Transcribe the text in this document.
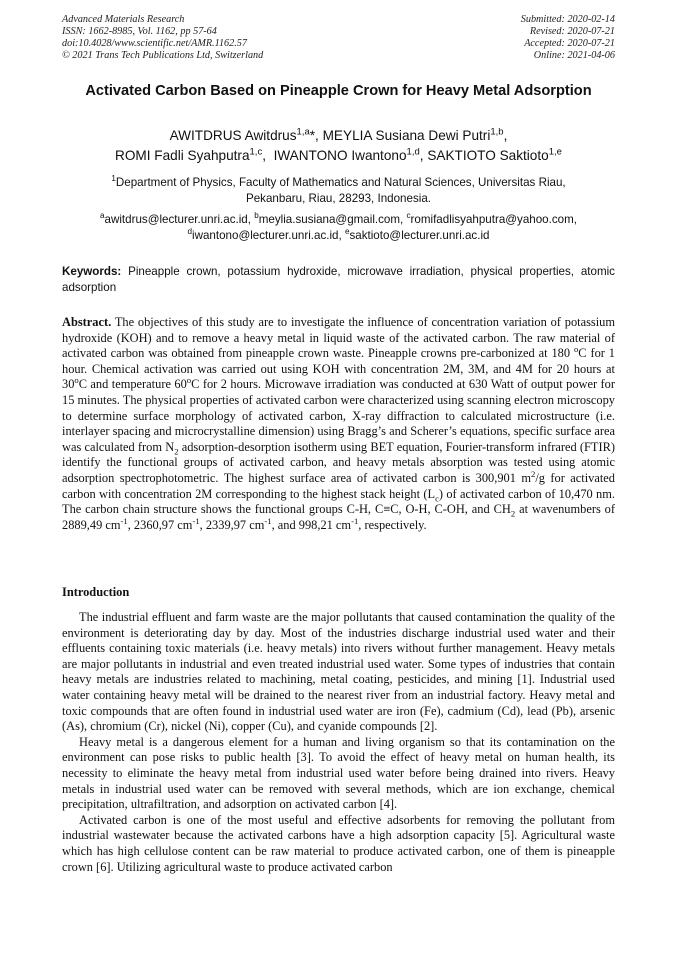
Advanced Materials Research
ISSN: 1662-8985, Vol. 1162, pp 57-64
doi:10.4028/www.scientific.net/AMR.1162.57
© 2021 Trans Tech Publications Ltd, Switzerland
Submitted: 2020-02-14
Revised: 2020-07-21
Accepted: 2020-07-21
Online: 2021-04-06
Activated Carbon Based on Pineapple Crown for Heavy Metal Adsorption
AWITDRUS Awitdrus$^{1,a}$*, MEYLIA Susiana Dewi Putri$^{1,b}$,
ROMI Fadli Syahputra$^{1,c}$,  IWANTONO Iwantono$^{1,d}$, SAKTIOTO Saktioto$^{1,e}$
$^1$Department of Physics, Faculty of Mathematics and Natural Sciences, Universitas Riau,
Pekanbaru, Riau, 28293, Indonesia.
$^a$awitdrus@lecturer.unri.ac.id, $^b$meylia.susiana@gmail.com, $^c$romifadlisyahputra@yahoo.com,
$^d$iwantono@lecturer.unri.ac.id, $^e$saktioto@lecturer.unri.ac.id
Keywords: Pineapple crown, potassium hydroxide, microwave irradiation, physical properties, atomic adsorption
Abstract. The objectives of this study are to investigate the influence of concentration variation of potassium hydroxide (KOH) and to remove a heavy metal in liquid waste of the activated carbon. The raw material of activated carbon was obtained from pineapple crown waste. Pineapple crowns pre-carbonized at 180 $^o$C for 1 hour. Chemical activation was carried out using KOH with concentration 2M, 3M, and 4M for 20 hours at 30$^o$C and temperature 60$^o$C for 2 hours. Microwave irradiation was conducted at 630 Watt of output power for 15 minutes. The physical properties of activated carbon were characterized using scanning electron microscopy to determine surface morphology of activated carbon, X-ray diffraction to calculated microstructure (i.e. interlayer spacing and microcrystalline dimension) using Bragg’s and Scherer’s equations, specific surface area was calculated from $N_2$ adsorption-desorption isotherm using BET equation, Fourier-transform infrared (FTIR) identify the functional groups of activated carbon, and heavy metals absorption was tested using atomic adsorption spectrophotometric. The highest surface area of activated carbon is 300,901 $m^2/g$ for activated carbon with concentration 2M corresponding to the highest stack height $(L_c)$ of activated carbon of 10,470 nm. The carbon chain structure shows the functional groups C-H, C≡C, O-H, C-OH, and $CH_2$ at wavenumbers of 2889,49 $cm^{-1}$, 2360,97 $cm^{-1}$, 2339,97 $cm^{-1}$, and 998,21 $cm^{-1}$, respectively.
Introduction

The industrial effluent and farm waste are the major pollutants that caused contamination the quality of the environment is deteriorating day by day. Most of the industries discharge industrial used water and their effluents containing toxic materials (i.e. heavy metals) into rivers without further management. Heavy metals are major pollutants in industrial and even treated industrial used water. Some types of industries that contain heavy metals are industries related to machining, metal coating, pesticides, and mining [1]. Industrial used water containing heavy metal will be drained to the nearest river from an industrial factory. Heavy metal and toxic compounds that are often found in industrial used water are iron (Fe), cadmium (Cd), lead (Pb), arsenic (As), chromium (Cr), nickel (Ni), copper (Cu), and cyanide compounds [2].

Heavy metal is a dangerous element for a human and living organism so that its contamination on the environment can pose risks to public health [3]. To avoid the effect of heavy metal on human health, its necessity to eliminate the heavy metal from industrial used water before being drained into rivers. Heavy metals in industrial used water can be removed with several methods, which are ion exchange, chemical precipitation, ultrafiltration, and adsorption on activated carbon [4].

Activated carbon is one of the most useful and effective adsorbents for removing the pollutant from industrial wastewater because the activated carbons have a high adsorption capacity [5]. Agricultural waste which has high cellulose content can be raw material to produce activated carbon, one of them is pineapple crown [6]. Utilizing agricultural waste to produce activated carbon
